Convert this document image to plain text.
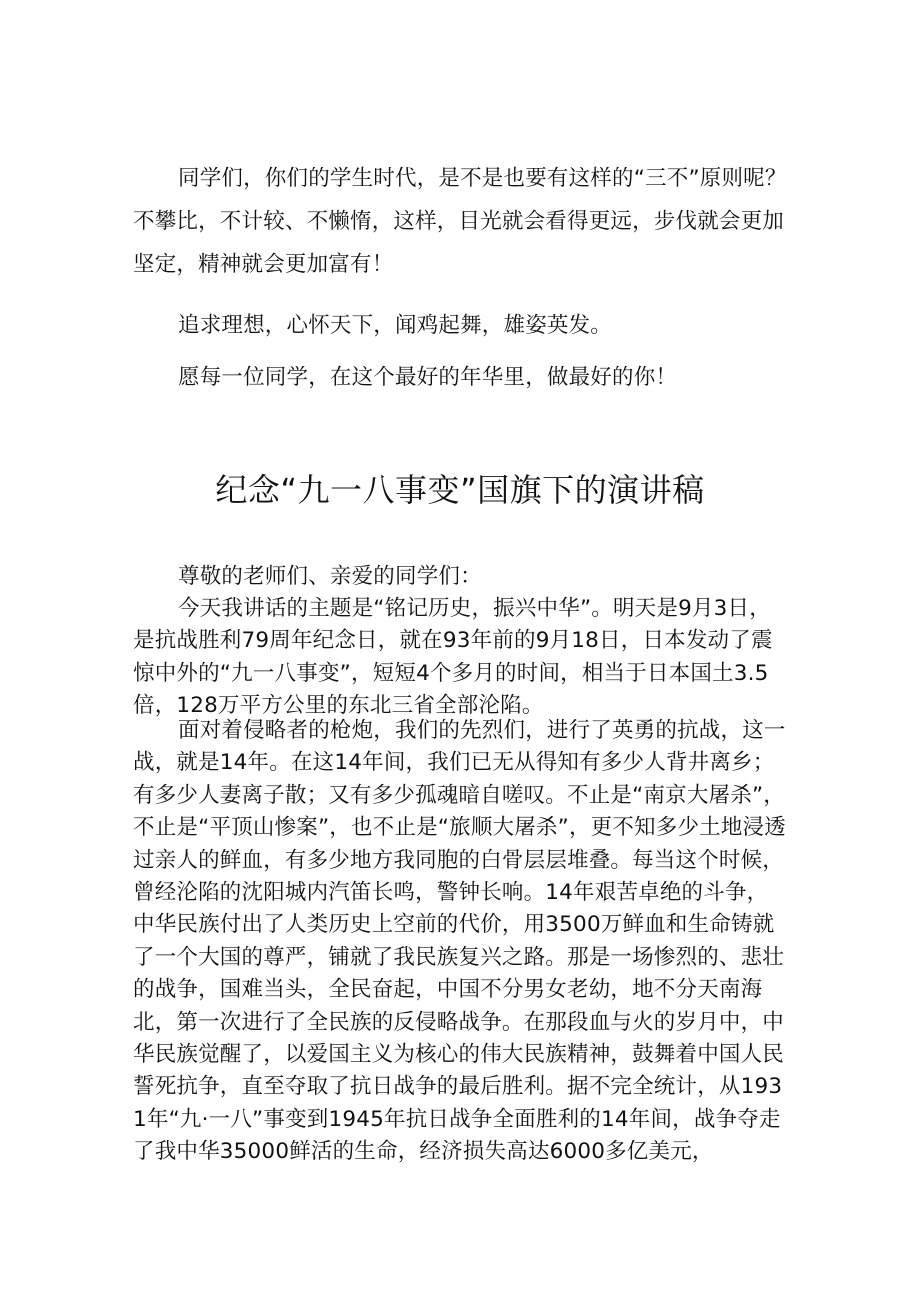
同学们，你们的学生时代，是不是也要有这样的“三不”原则呢？不攀比，不计较、不懒惰，这样，目光就会看得更远，步伐就会更加坚定，精神就会更加富有！

追求理想，心怀天下，闻鸡起舞，雄姿英发。

愿每一位同学，在这个最好的年华里，做最好的你！

纪念“九一八事变”国旗下的演讲稿

尊敬的老师们、亲爱的同学们：

今天我讲话的主题是“铭记历史，振兴中华”。明天是9月3日，是抗战胜利79周年纪念日，就在93年前的9月18日，日本发动了震惊中外的“九一八事变”，短短4个多月的时间，相当于日本国土3.5倍，128万平方公里的东北三省全部沦陷。

面对着侵略者的枪炮，我们的先烈们，进行了英勇的抗战，这一战，就是14年。在这14年间，我们已无从得知有多少人背井离乡；有多少人妻离子散；又有多少孤魂暗自嗟叹。不止是“南京大屠杀”，不止是“平顶山惨案”，也不止是“旅顺大屠杀”，更不知多少土地浸透过亲人的鲜血，有多少地方我同胞的白骨层层堆叠。每当这个时候，曾经沦陷的沈阳城内汽笛长鸣，警钟长响。14年艰苦卓绝的斗争，中华民族付出了人类历史上空前的代价，用3500万鲜血和生命铸就了一个大国的尊严，铺就了我民族复兴之路。那是一场惨烈的、悲壮的战争，国难当头，全民奋起，中国不分男女老幼，地不分天南海北，第一次进行了全民族的反侵略战争。在那段血与火的岁月中，中华民族觉醒了，以爱国主义为核心的伟大民族精神，鼓舞着中国人民誓死抗争，直至夺取了抗日战争的最后胜利。据不完全统计，从1931年“九·一八”事变到1945年抗日战争全面胜利的14年间，战争夺走了我中华35000鲜活的生命，经济损失高达6000多亿美元，
